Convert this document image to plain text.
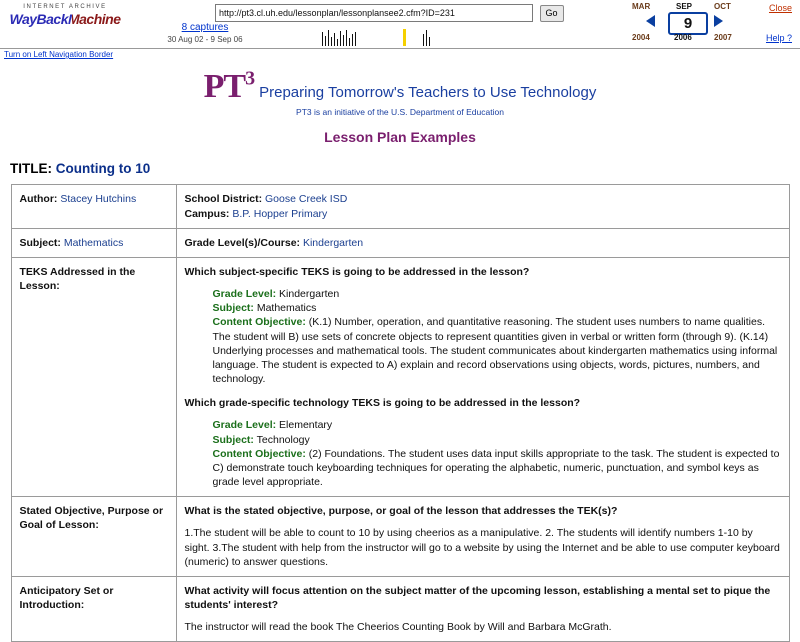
INTERNET ARCHIVE
WayBackMachine
8 captures
30 Aug 02 - 9 Sep 06
http://pt3.cl.uh.edu/lessonplan/lessonplansee2.cfm?ID=231 Go
MAR	SEP	OCT
9
2004	2006	2007
Close
Help ?
Turn on Left Navigation Border
$PT^3Preparing$ Tomorrow's Teachers to Use Technology
PT3 is an initiative of the U.S. Department of Education
Lesson Plan Examples
TITLE: Counting to 10
Author: Stacey Hutchins	School District: Goose Creek ISD
Campus: B.P. Hopper Primary

Subject: Mathematics	Grade Level(s)/Course: Kindergarten
TEKS Addressed in the Lesson:	

Which subject-specific TEKS is going to be addressed in the lesson?

Grade Level: Kindergarten

Subject: Mathematics

Content Objective: (K.1) Number, operation, and quantitative reasoning. The student uses numbers to name qualities. The student will B) use sets of concrete objects to represent quantities given in verbal or written form (through 9). (K.14) Underlying processes and mathematical tools. The student communicates about kindergarten mathematics using informal language. The student is expected to A) explain and record observations using objects, words, pictures, numbers, and technology.

Which grade-specific technology TEKS is going to be addressed in the lesson?

Grade Level: Elementary

Subject: Technology

Content Objective: (2) Foundations. The student uses data input skills appropriate to the task. The student is expected to C) demonstrate touch keyboarding techniques for operating the alphabetic, numeric, punctuation, and symbol keys as grade level appropriate.

Stated Objective, Purpose or Goal of Lesson:	What is the stated objective, purpose, or goal of the lesson that addresses the TEK(s)?

1.The student will be able to count to 10 by using cheerios as a manipulative. 2. The students will identify numbers 1-10 by sight. 3.The student with help from the instructor will go to a website by using the Internet and be able to use computer keyboard (numeric) to answer questions.

Anticipatory Set or Introduction:	What activity will focus attention on the subject matter of the upcoming lesson, establishing a mental set to pique the students' interest?

The instructor will read the book The Cheerios Counting Book by Will and Barbara McGrath.
